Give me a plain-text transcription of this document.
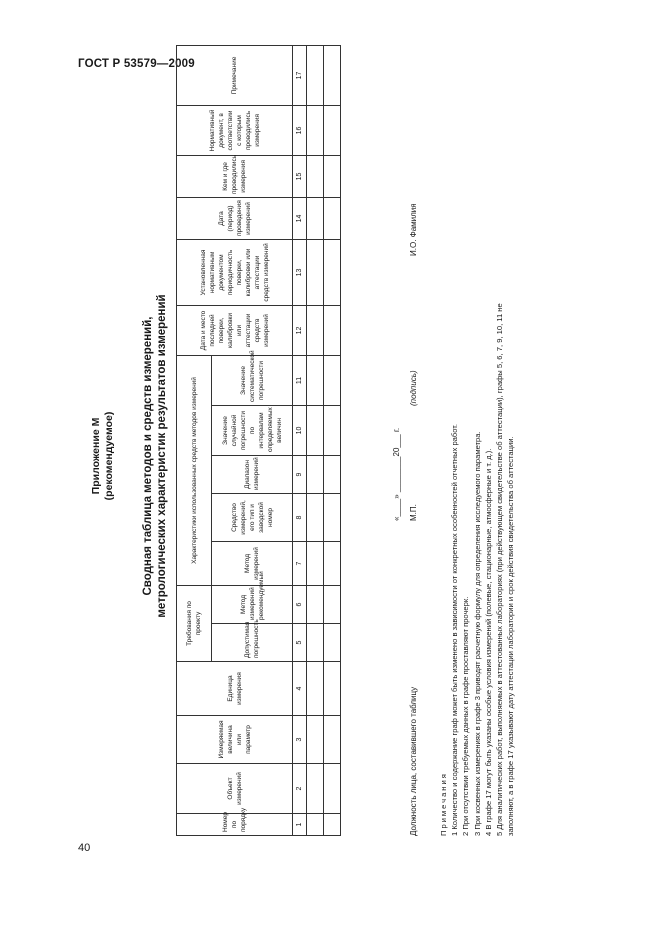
ГОСТ Р 53579—2009
40
Приложение М (рекомендуемое) Сводная таблица методов и средств измерений, метрологических характеристик результатов измерений
Номер по порядку	Объект измерений	Измеряемая величина или параметр	Единица измерения	Требования по проекту		Характеристики использованных средств методов измерений					Дата и место последней поверки, калибровки или аттестации средств измерений	Установленная нормативным документом периодичность поверки, калибровки или аттестации средств измерений	Дата (период) проведения измерений	Кем и где проводились измерения	Нормативный документ, в соответствии с которым проводились измерения	Примечание
				Допустимая погрешность	Метод измерений рекомендуемый	Метод измерений	Средство измерений, его тип и заводской номер	Диапазон измерений	Значение случайной погрешности по интервалам определяемых величин	Значение систематической погрешности						
1	2	3	4	5	6	7	8	9	10	11	12	13	14	15	16	17

«____» ________20___ г.
Должность лица, составившего таблицу
М.П.
(подпись)
И.О. Фамилия

Примечания 1 Количество и содержание граф может быть изменено в зависимости от конкретных особенностей отчетных работ. 2 При отсутствии требуемых данных в графе проставляют прочерк. 3 При косвенных измерениях в графе 3 приводят расчетную формулу для определения исследуемого параметра. 4 В графе 17 могут быть указаны особые условия измерений (полевые, стационарные, атмосферные и т. д.). 5 Для аналитических работ, выполняемых в аттестованных лабораториях (при действующем свидетельстве об аттестации), графы 5, 6, 7, 9, 10, 11 не заполняют, а в графе 17 указывают дату аттестации лаборатории и срок действия свидетельства об аттестации.
